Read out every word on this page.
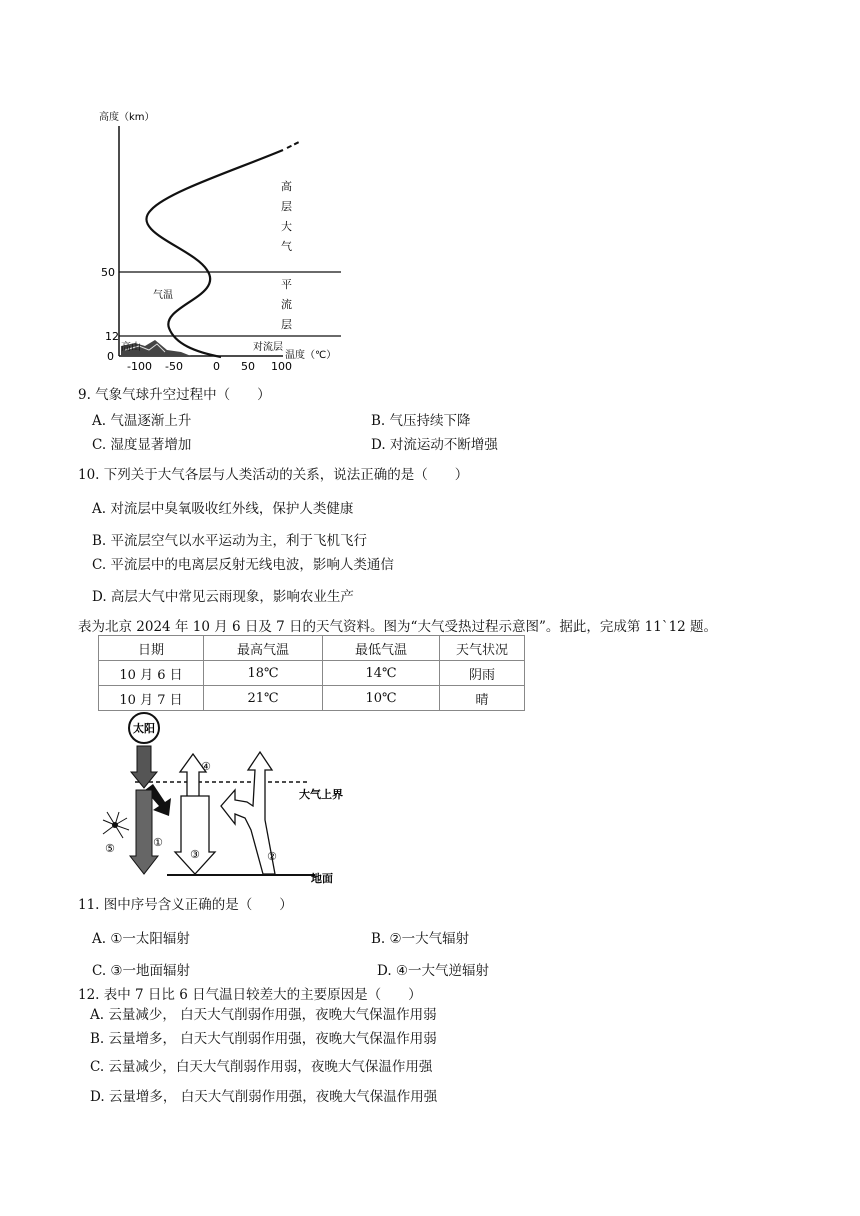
高度（km）
50
12
0
-100 -50	0 50 100
温度（℃）
气温
高山
高
层
大
气
平
流
层
对流层
9. 气象气球升空过程中（　　）
A. 气温逐渐上升	B. 气压持续下降
C. 湿度显著增加	D. 对流运动不断增强
10. 下列关于大气各层与人类活动的关系，说法正确的是（　　）
A. 对流层中臭氧吸收红外线，保护人类健康
B. 平流层空气以水平运动为主，利于飞机飞行
C. 平流层中的电离层反射无线电波，影响人类通信
D. 高层大气中常见云雨现象，影响农业生产
表为北京 2024 年 10 月 6 日及 7 日的天气资料。图为“大气受热过程示意图”。据此，完成第 11`12 题。
日期	最高气温	最低气温	天气状况
10 月 6 日	18℃	14℃	阴雨
10 月 7 日	21℃	10℃	晴
太阳
大气上界
地面
①
⑤
④
③	②
11. 图中序号含义正确的是（　　）
A. ①一太阳辐射	B. ②一大气辐射
C. ③一地面辐射	D. ④一大气逆辐射
12. 表中 7 日比 6 日气温日较差大的主要原因是（　　）
A. 云量减少， 白天大气削弱作用强，夜晚大气保温作用弱
B. 云量增多， 白天大气削弱作用强，夜晚大气保温作用弱
C. 云量减少，白天大气削弱作用弱，夜晚大气保温作用强
D. 云量增多， 白天大气削弱作用强，夜晚大气保温作用强
